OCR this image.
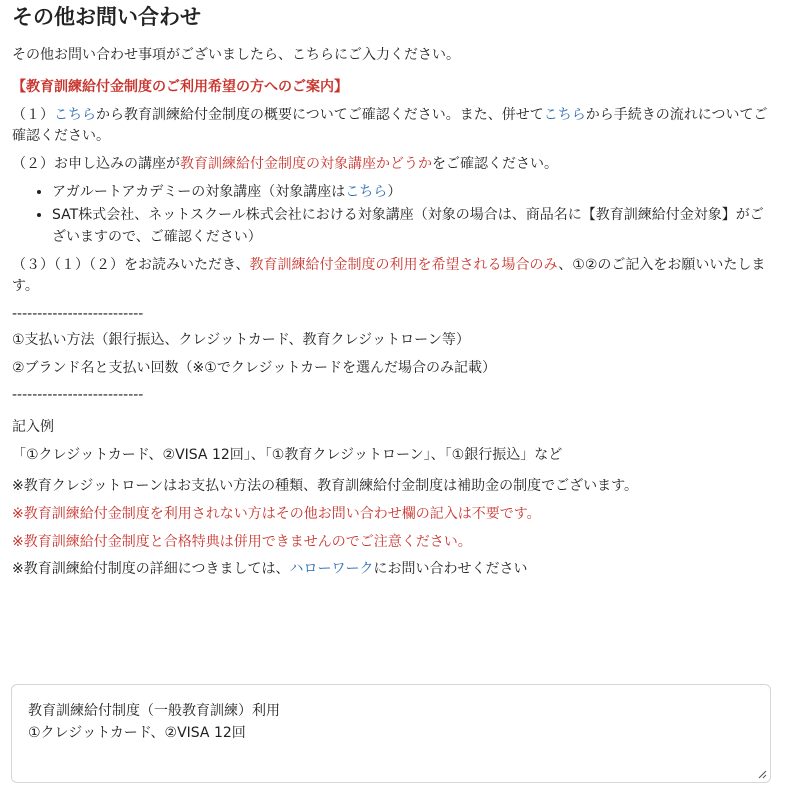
その他お問い合わせ

その他お問い合わせ事項がございましたら、こちらにご入力ください。

【教育訓練給付金制度のご利用希望の方へのご案内】

（１）こちらから教育訓練給付金制度の概要についてご確認ください。また、併せてこちらから手続きの流れについてご確認ください。

（２）お申し込みの講座が教育訓練給付金制度の対象講座かどうかをご確認ください。

• アガルートアカデミーの対象講座（対象講座はこちら）
• SAT株式会社、ネットスクール株式会社における対象講座（対象の場合は、商品名に【教育訓練給付金対象】がございますので、ご確認ください）

（３）（１）（２）をお読みいただき、教育訓練給付金制度の利用を希望される場合のみ、①②のご記入をお願いいたします。

--------------------------

①支払い方法（銀行振込、クレジットカード、教育クレジットローン等）

②ブランド名と支払い回数（※①でクレジットカードを選んだ場合のみ記載）

--------------------------

記入例

「①クレジットカード、②VISA 12回」、「①教育クレジットローン」、「①銀行振込」など

※教育クレジットローンはお支払い方法の種類、教育訓練給付金制度は補助金の制度でございます。

※教育訓練給付金制度を利用されない方はその他お問い合わせ欄の記入は不要です。

※教育訓練給付金制度と合格特典は併用できませんのでご注意ください。

※教育訓練給付制度の詳細につきましては、ハローワークにお問い合わせください

教育訓練給付制度（一般教育訓練）利用 ①クレジットカード、②VISA 12回
